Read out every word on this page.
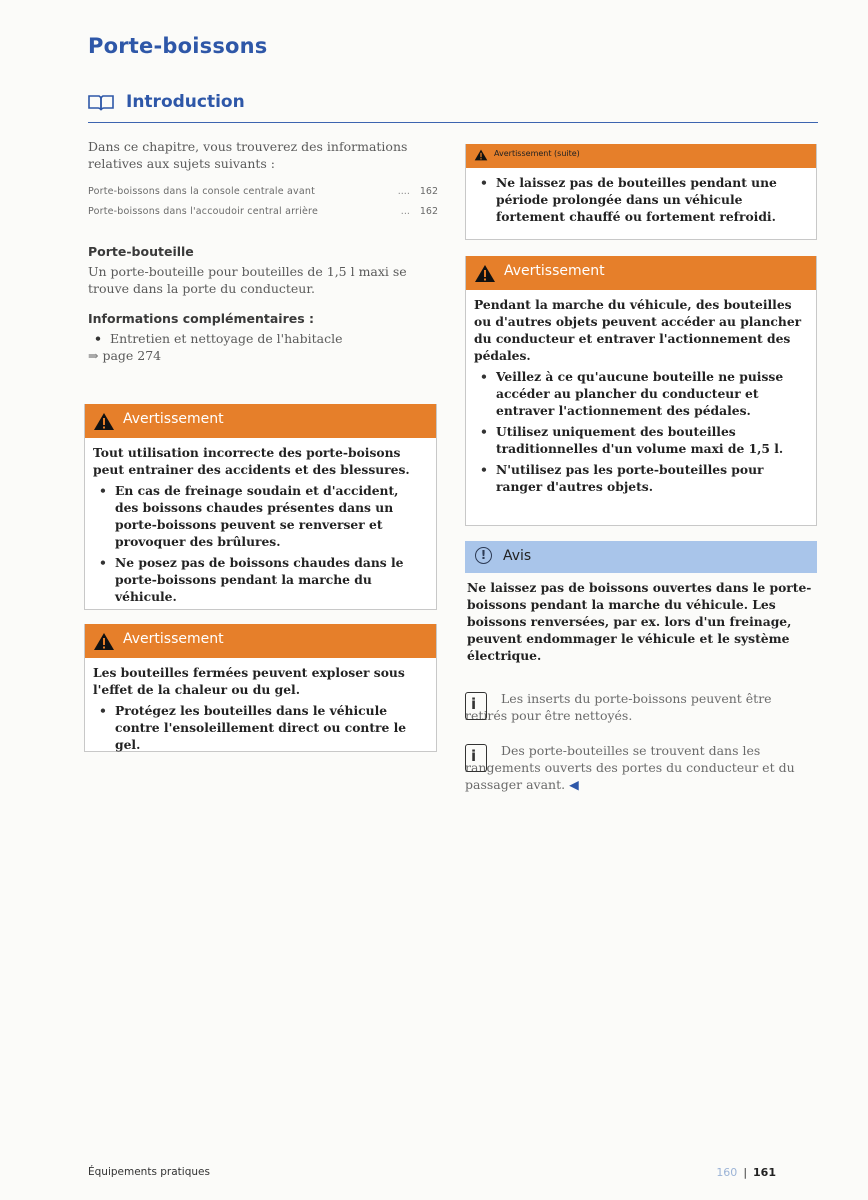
Porte-boissons
Introduction

Dans ce chapitre, vous trouverez des informations relatives aux sujets suivants :

Porte-boissons dans la console centrale avant	....	162
Porte-boissons dans l'accoudoir central arrière	...	162
Porte-bouteille

Un porte-bouteille pour bouteilles de 1,5 l maxi se trouve dans la porte du conducteur.

Informations complémentaires :

• Entretien et nettoyage de l'habitacle

⇒ page 274

Avertissement

Tout utilisation incorrecte des porte-boisons peut entrainer des accidents et des blessures.

• En cas de freinage soudain et d'accident, des boissons chaudes présentes dans un porte-boissons peuvent se renverser et provoquer des brûlures.

• Ne posez pas de boissons chaudes dans le porte-boissons pendant la marche du véhicule.

Avertissement

Les bouteilles fermées peuvent exploser sous l'effet de la chaleur ou du gel.

• Protégez les bouteilles dans le véhicule contre l'ensoleillement direct ou contre le gel.

Avertissement (suite)

• Ne laissez pas de bouteilles pendant une période prolongée dans un véhicule fortement chauffé ou fortement refroidi.

Avertissement

Pendant la marche du véhicule, des bouteilles ou d'autres objets peuvent accéder au plancher du conducteur et entraver l'actionnement des pédales.

• Veillez à ce qu'aucune bouteille ne puisse accéder au plancher du conducteur et entraver l'actionnement des pédales.

• Utilisez uniquement des bouteilles traditionnelles d'un volume maxi de 1,5 l.

• N'utilisez pas les porte-bouteilles pour ranger d'autres objets.

!	Avis
Ne laissez pas de boissons ouvertes dans le porte-boissons pendant la marche du véhicule. Les boissons renversées, par ex. lors d'un freinage, peuvent endommager le véhicule et le système électrique.
i

Les inserts du porte-boissons peuvent être retirés pour être nettoyés.

i

Des porte-bouteilles se trouvent dans les rangements ouverts des portes du conducteur et du passager avant. ◀

Équipements pratiques	160 | 161
